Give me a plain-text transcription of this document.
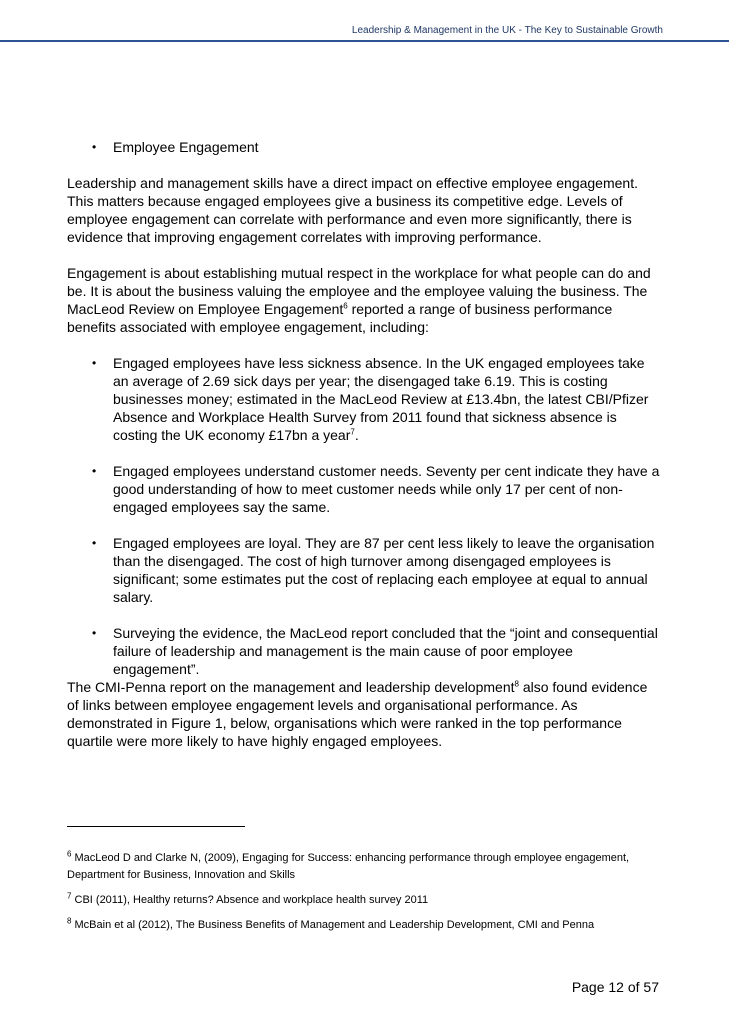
Leadership & Management in the UK - The Key to Sustainable Growth
•	Employee Engagement

Leadership and management skills have a direct impact on effective employee engagement. This matters because engaged employees give a business its competitive edge. Levels of employee engagement can correlate with performance and even more significantly, there is evidence that improving engagement correlates with improving performance.

Engagement is about establishing mutual respect in the workplace for what people can do and be. It is about the business valuing the employee and the employee valuing the business. The MacLeod Review on Employee Engagement$^6$ reported a range of business performance benefits associated with employee engagement, including:

•	Engaged employees have less sickness absence. In the UK engaged employees take an average of 2.69 sick days per year; the disengaged take 6.19. This is costing businesses money; estimated in the MacLeod Review at £13.4bn, the latest CBI/Pfizer Absence and Workplace Health Survey from 2011 found that sickness absence is costing the UK economy £17bn a year$^7$.
•	Engaged employees understand customer needs. Seventy per cent indicate they have a good understanding of how to meet customer needs while only 17 per cent of non-engaged employees say the same.
•	Engaged employees are loyal. They are 87 per cent less likely to leave the organisation than the disengaged. The cost of high turnover among disengaged employees is significant; some estimates put the cost of replacing each employee at equal to annual salary.
•	Surveying the evidence, the MacLeod report concluded that the “joint and consequential failure of leadership and management is the main cause of poor employee engagement”.

The CMI-Penna report on the management and leadership development$^8$ also found evidence of links between employee engagement levels and organisational performance. As demonstrated in Figure 1, below, organisations which were ranked in the top performance quartile were more likely to have highly engaged employees.

$^6$ MacLeod D and Clarke N, (2009), Engaging for Success: enhancing performance through employee engagement, Department for Business, Innovation and Skills

$^7$ CBI (2011), Healthy returns? Absence and workplace health survey 2011

$^8$ McBain et al (2012), The Business Benefits of Management and Leadership Development, CMI and Penna

Page 12 of 57
